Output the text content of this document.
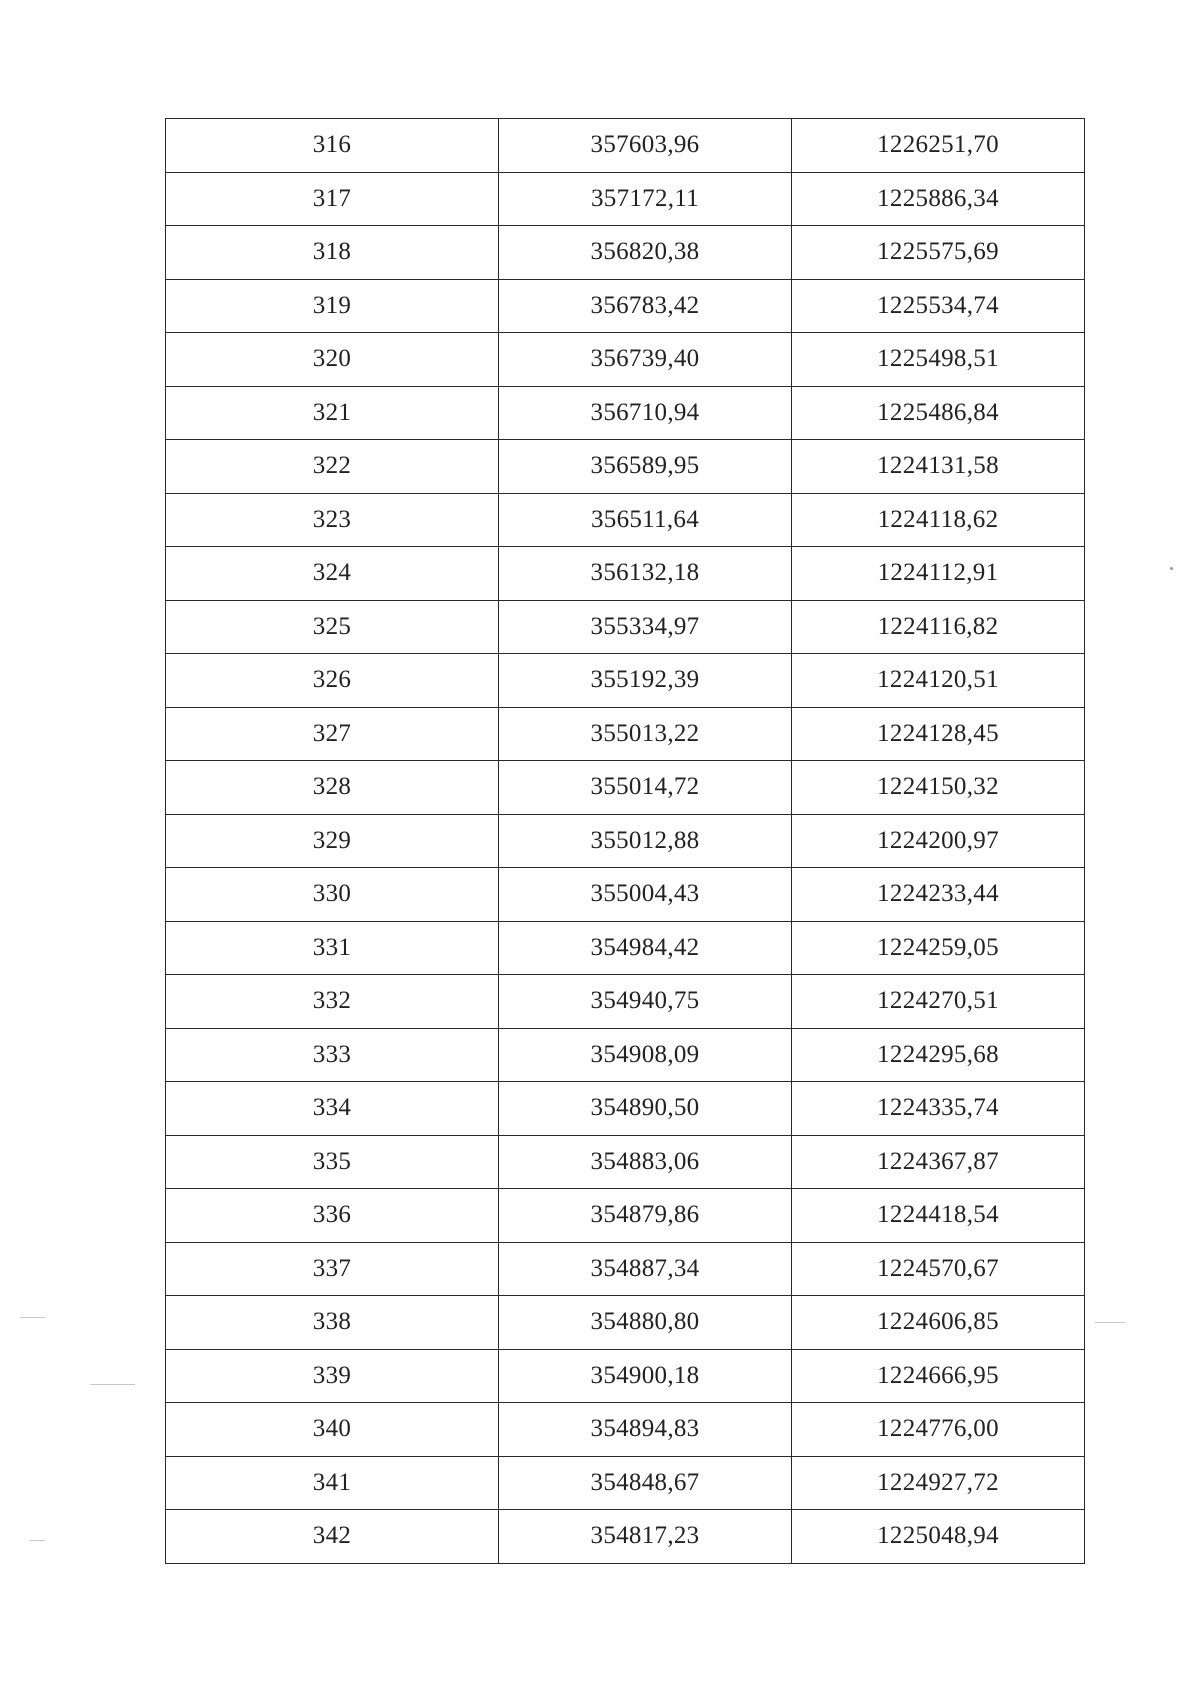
316	357603,96	1226251,70
317	357172,11	1225886,34
318	356820,38	1225575,69
319	356783,42	1225534,74
320	356739,40	1225498,51
321	356710,94	1225486,84
322	356589,95	1224131,58
323	356511,64	1224118,62
324	356132,18	1224112,91
325	355334,97	1224116,82
326	355192,39	1224120,51
327	355013,22	1224128,45
328	355014,72	1224150,32
329	355012,88	1224200,97
330	355004,43	1224233,44
331	354984,42	1224259,05
332	354940,75	1224270,51
333	354908,09	1224295,68
334	354890,50	1224335,74
335	354883,06	1224367,87
336	354879,86	1224418,54
337	354887,34	1224570,67
338	354880,80	1224606,85
339	354900,18	1224666,95
340	354894,83	1224776,00
341	354848,67	1224927,72
342	354817,23	1225048,94
